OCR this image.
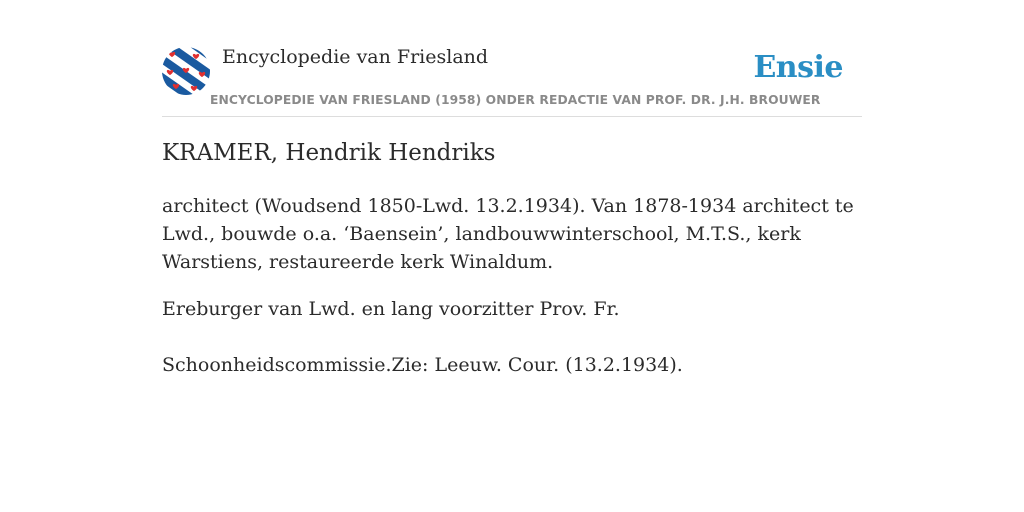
Encyclopedie van Friesland	Ensie
ENCYCLOPEDIE VAN FRIESLAND (1958) ONDER REDACTIE VAN PROF. DR. J.H. BROUWER
KRAMER, Hendrik Hendriks

architect (Woudsend 1850-Lwd. 13.2.1934). Van 1878-1934 architect te Lwd., bouwde o.a. ‘Baensein’, landbouwwinterschool, M.T.S., kerk Warstiens, restaureerde kerk Winaldum.

Ereburger van Lwd. en lang voorzitter Prov. Fr.

Schoonheidscommissie.Zie: Leeuw. Cour. (13.2.1934).
